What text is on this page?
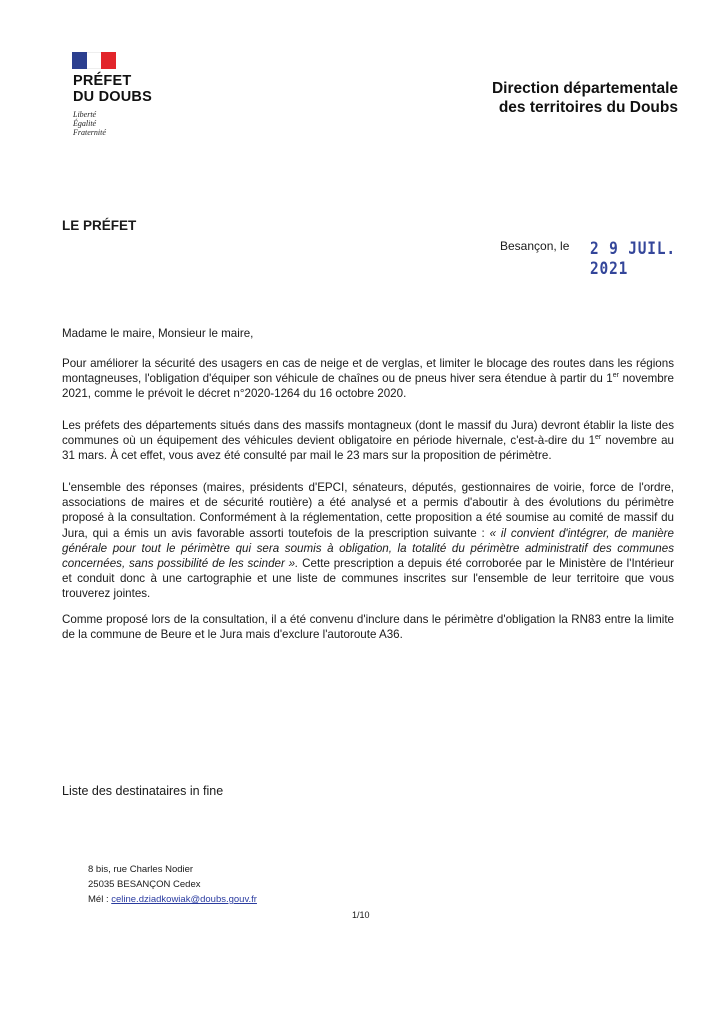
PRÉFET
DU DOUBS
Liberté
Égalité
Fraternité
Direction départementale
des territoires du Doubs
LE PRÉFET
Besançon, le 2 9 JUIL. 2021

Madame le maire, Monsieur le maire,

Pour améliorer la sécurité des usagers en cas de neige et de verglas, et limiter le blocage des routes dans les régions montagneuses, l'obligation d'équiper son véhicule de chaînes ou de pneus hiver sera étendue à partir du 1er novembre 2021, comme le prévoit le décret n°2020-1264 du 16 octobre 2020.

Les préfets des départements situés dans des massifs montagneux (dont le massif du Jura) devront établir la liste des communes où un équipement des véhicules devient obligatoire en période hivernale, c'est-à-dire du 1er novembre au 31 mars. À cet effet, vous avez été consulté par mail le 23 mars sur la proposition de périmètre.

L'ensemble des réponses (maires, présidents d'EPCI, sénateurs, députés, gestionnaires de voirie, force de l'ordre, associations de maires et de sécurité routière) a été analysé et a permis d'aboutir à des évolutions du périmètre proposé à la consultation. Conformément à la réglementation, cette proposition a été soumise au comité de massif du Jura, qui a émis un avis favorable assorti toutefois de la prescription suivante : « il convient d'intégrer, de manière générale pour tout le périmètre qui sera soumis à obligation, la totalité du périmètre administratif des communes concernées, sans possibilité de les scinder ». Cette prescription a depuis été corroborée par le Ministère de l'Intérieur et conduit donc à une cartographie et une liste de communes inscrites sur l'ensemble de leur territoire que vous trouverez jointes.

Comme proposé lors de la consultation, il a été convenu d'inclure dans le périmètre d'obligation la RN83 entre la limite de la commune de Beure et le Jura mais d'exclure l'autoroute A36.

Liste des destinataires in fine
8 bis, rue Charles Nodier
25035 BESANÇON Cedex
Mél : celine.dziadkowiak@doubs.gouv.fr
1/10
